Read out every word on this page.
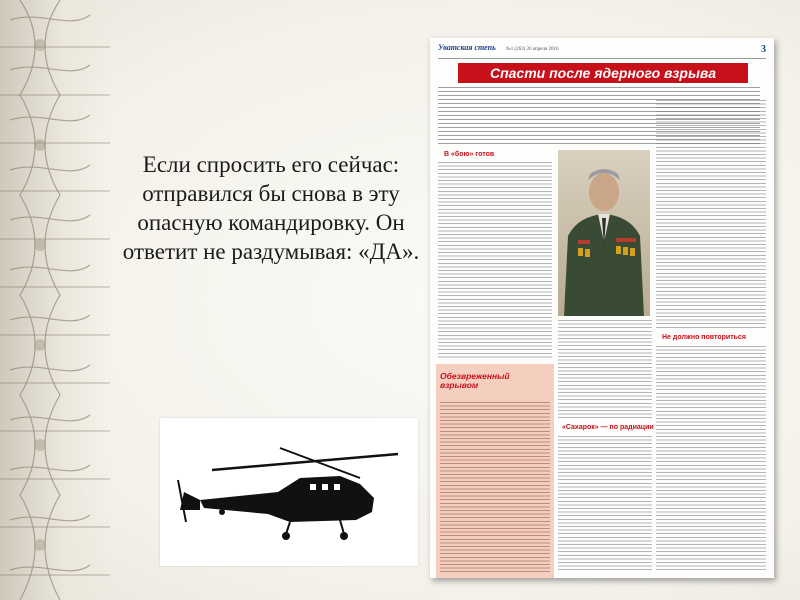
Если спросить его сейчас: отправился бы снова в эту опасную командировку. Он ответит не раздумывая: «ДА».
Уватская степь №1 (263) 26 апреля 2016	3
Спасти после ядерного взрыва
В «бою» готов
Не должно повториться
«Сахарок» — по радиации
Обезвреженный взрывом
